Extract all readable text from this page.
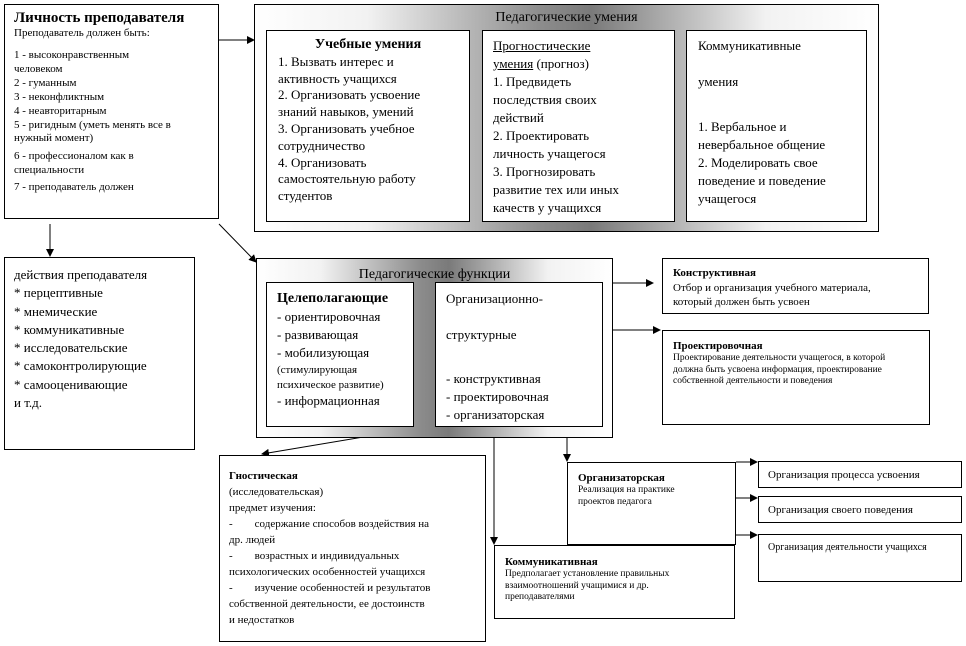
Личность преподавателя
Преподаватель должен быть:
1 - высоконравственным
человеком
2 - гуманным
3 - неконфликтным
4 - неавторитарным
5 - ригидным (уметь менять все в
нужный момент)
6 - профессионалом как в
специальности
7 - преподаватель должен
Педагогические умения
Учебные умения
1. Вызвать интерес и
активность учащихся
2. Организовать усвоение
знаний навыков, умений
3. Организовать учебное
сотрудничество
4. Организовать
самостоятельную работу
студентов
Прогностические
умения (прогноз)
1. Предвидеть
последствия своих
действий
2. Проектировать
личность учащегося
3. Прогнозировать
развитие тех или иных
качеств у учащихся
Коммуникативные
умения
1. Вербальное и
невербальное общение
2. Моделировать свое
поведение и поведение
учащегося
действия преподавателя
* перцептивные
* мнемические
* коммуникативные
* исследовательские
* самоконтролирующие
* самооценивающие
и т.д.
Педагогические функции
Целеполагающие
- ориентировочная
- развивающая
- мобилизующая
(стимулирующая
психическое развитие)
- информационная
Организационно-
структурные
- конструктивная
- проектировочная
- организаторская
Конструктивная
Отбор и организация учебного материала,
который должен быть усвоен
Проектировочная
Проектирование деятельности учащегося, в которой
должна быть усвоена информация, проектирование
собственной деятельности и поведения
Гностическая
(исследовательская)
предмет изучения:
-        содержание способов воздействия на
др. людей
-        возрастных и индивидуальных
психологических особенностей учащихся
-        изучение особенностей и результатов
собственной деятельности, ее достоинств
и недостатков
Организаторская
Реализация на практике
проектов педагога
Коммуникативная
Предполагает установление правильных
взаимоотношений учащимися и др.
преподавателями
Организация процесса усвоения
Организация своего поведения
Организация деятельности учащихся
